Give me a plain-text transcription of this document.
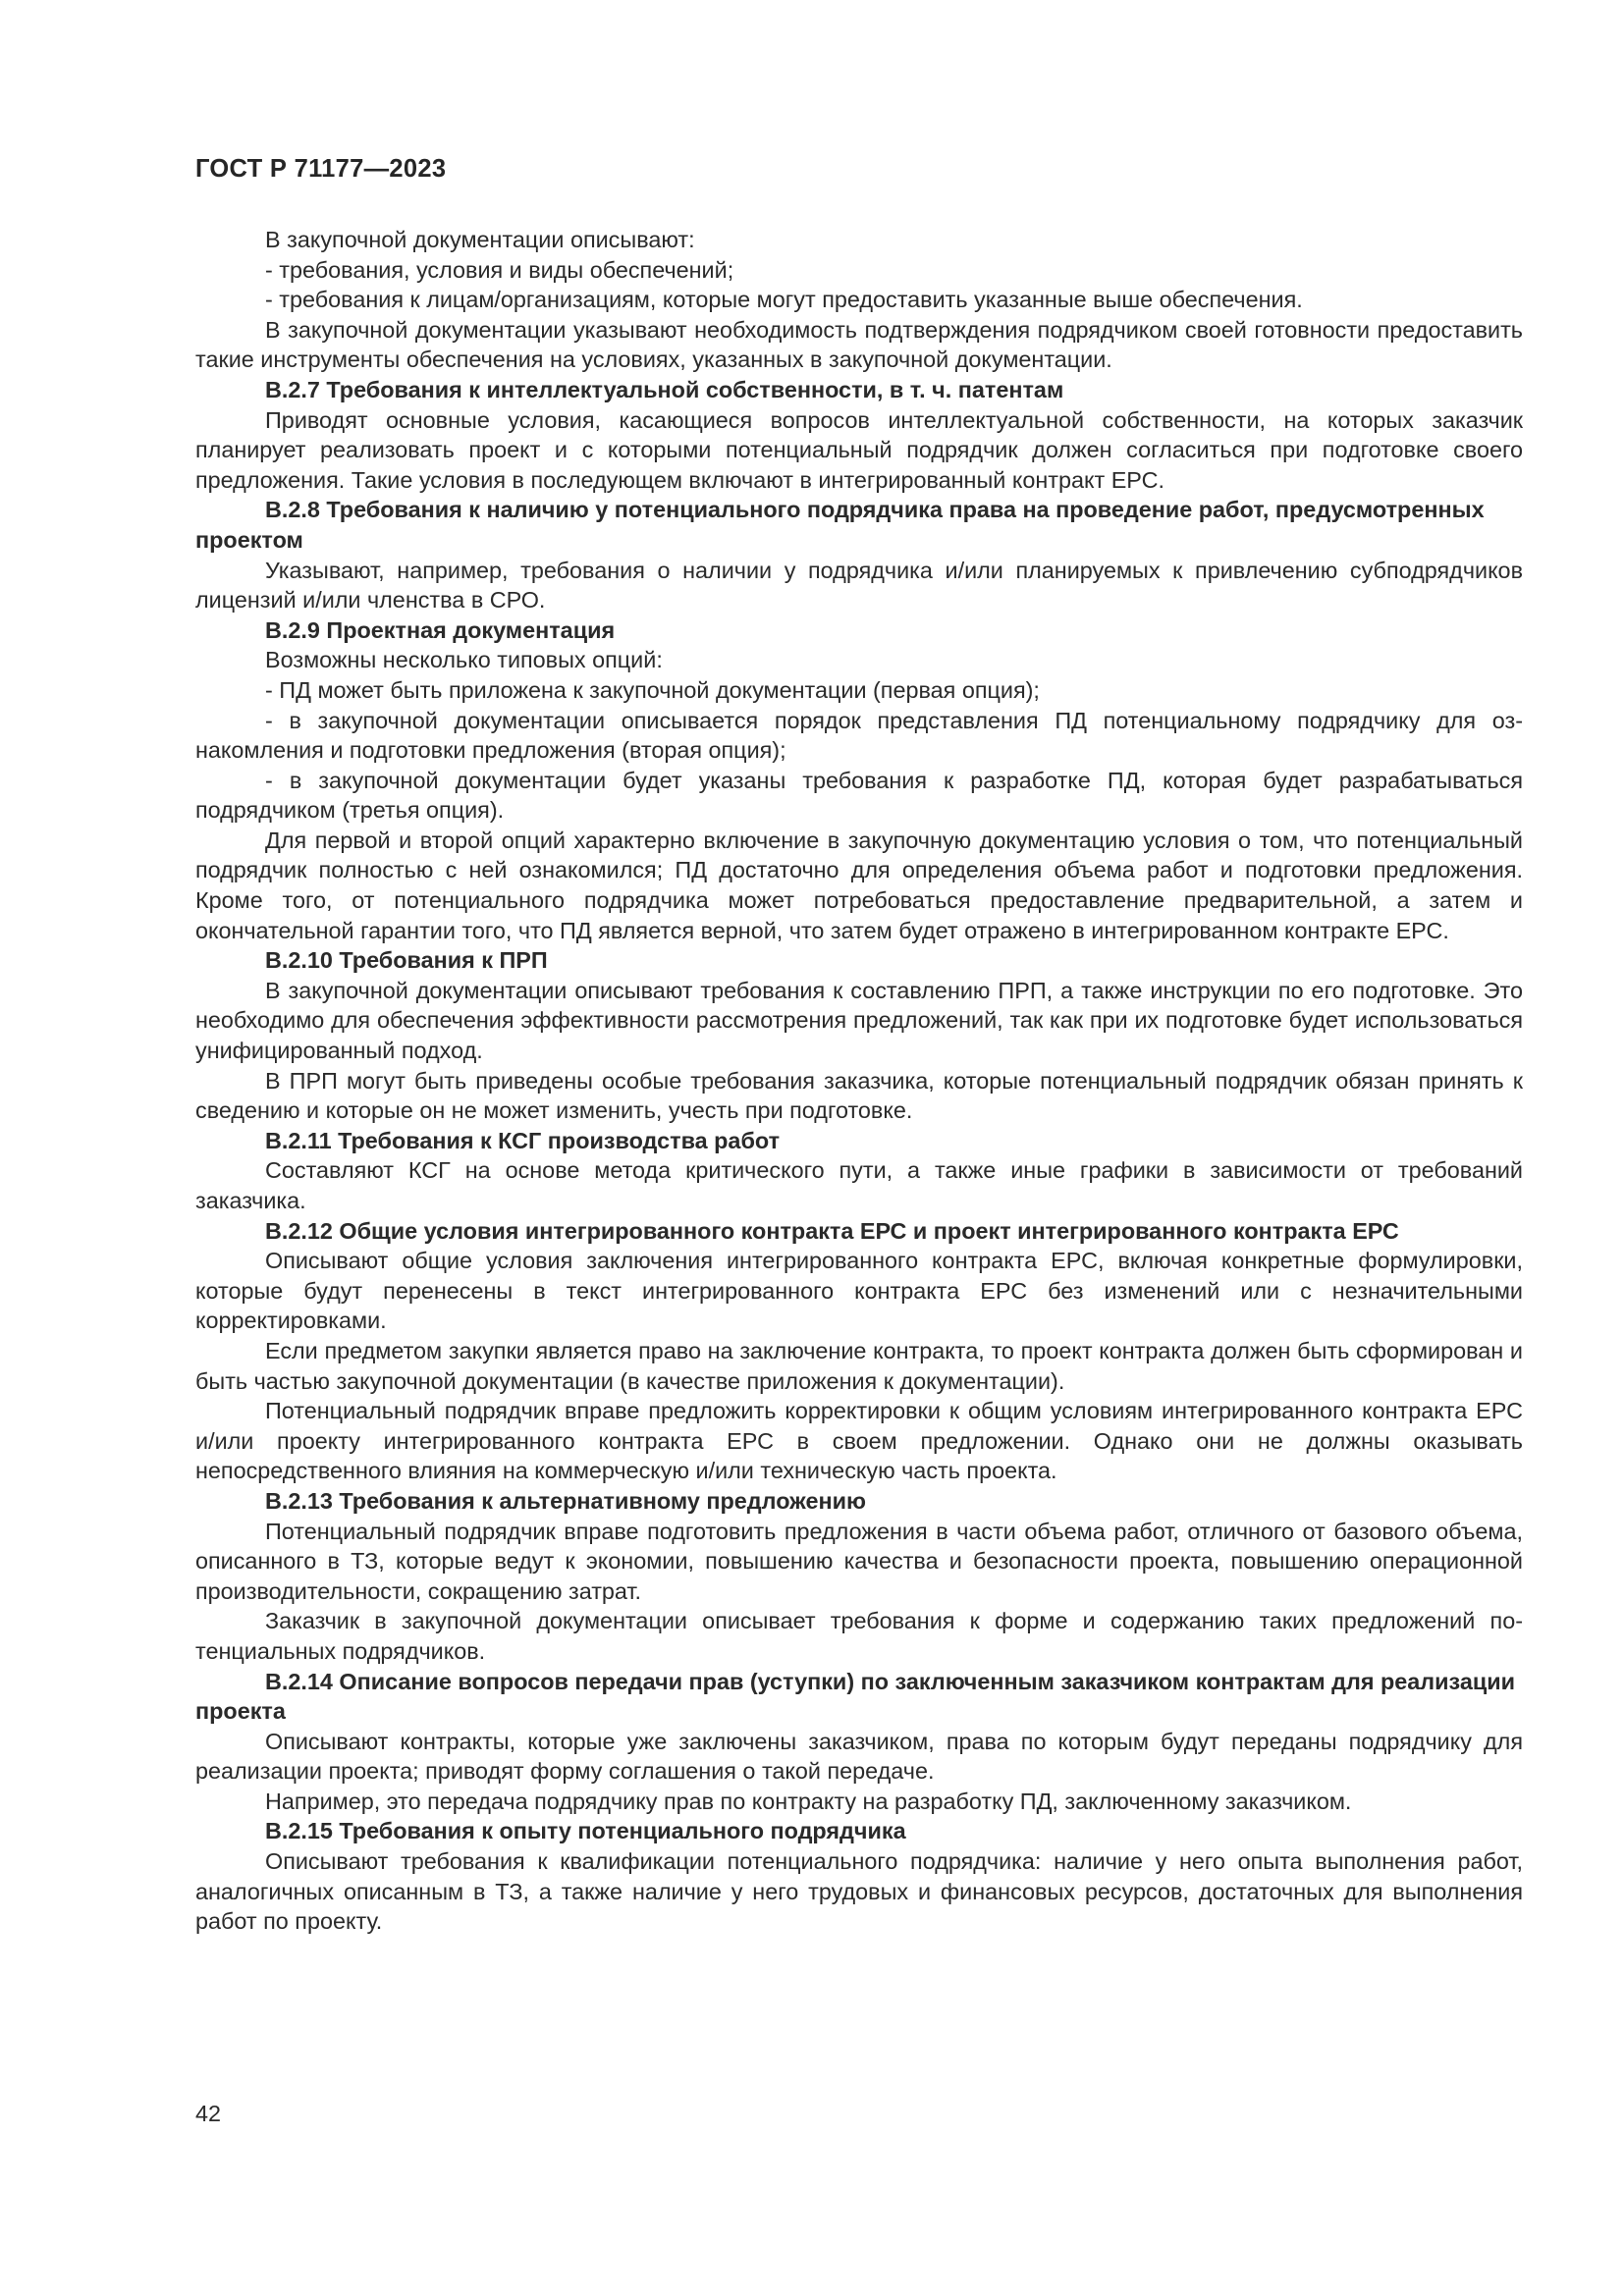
ГОСТ Р 71177—2023

В закупочной документации описывают:

- требования, условия и виды обеспечений;

- требования к лицам/организациям, которые могут предоставить указанные выше обеспечения.

В закупочной документации указывают необходимость подтверждения подрядчиком своей готовности предоставить такие инструменты обеспечения на условиях, указанных в закупочной документации.

В.2.7 Требования к интеллектуальной собственности, в т. ч. патентам

Приводят основные условия, касающиеся вопросов интеллектуальной собственности, на которых заказчик планирует реализовать проект и с которыми потенциальный подрядчик должен согласиться при подготовке своего предложения. Такие условия в последующем включают в интегрированный контракт ЕРС.

В.2.8 Требования к наличию у потенциального подрядчика права на проведение работ, предусмотренных проектом

Указывают, например, требования о наличии у подрядчика и/или планируемых к привлечению субподрядчиков лицензий и/или членства в СРО.

В.2.9 Проектная документация

Возможны несколько типовых опций:

- ПД может быть приложена к закупочной документации (первая опция);

- в закупочной документации описывается порядок представления ПД потенциальному подрядчику для ознакомления и подготовки предложения (вторая опция);

- в закупочной документации будет указаны требования к разработке ПД, которая будет разрабатываться подрядчиком (третья опция).

Для первой и второй опций характерно включение в закупочную документацию условия о том, что потенциальный подрядчик полностью с ней ознакомился; ПД достаточно для определения объема работ и подготовки предложения. Кроме того, от потенциального подрядчика может потребоваться предоставление предварительной, а затем и окончательной гарантии того, что ПД является верной, что затем будет отражено в интегрированном контракте ЕРС.

В.2.10 Требования к ПРП

В закупочной документации описывают требования к составлению ПРП, а также инструкции по его подготовке. Это необходимо для обеспечения эффективности рассмотрения предложений, так как при их подготовке будет использоваться унифицированный подход.

В ПРП могут быть приведены особые требования заказчика, которые потенциальный подрядчик обязан принять к сведению и которые он не может изменить, учесть при подготовке.

В.2.11 Требования к КСГ производства работ

Составляют КСГ на основе метода критического пути, а также иные графики в зависимости от требований заказчика.

В.2.12 Общие условия интегрированного контракта ЕРС и проект интегрированного контракта ЕРС

Описывают общие условия заключения интегрированного контракта ЕРС, включая конкретные формулировки, которые будут перенесены в текст интегрированного контракта ЕРС без изменений или с незначительными корректировками.

Если предметом закупки является право на заключение контракта, то проект контракта должен быть сформирован и быть частью закупочной документации (в качестве приложения к документации).

Потенциальный подрядчик вправе предложить корректировки к общим условиям интегрированного контракта ЕРС и/или проекту интегрированного контракта ЕРС в своем предложении. Однако они не должны оказывать непосредственного влияния на коммерческую и/или техническую часть проекта.

В.2.13 Требования к альтернативному предложению

Потенциальный подрядчик вправе подготовить предложения в части объема работ, отличного от базового объема, описанного в ТЗ, которые ведут к экономии, повышению качества и безопасности проекта, повышению операционной производительности, сокращению затрат.

Заказчик в закупочной документации описывает требования к форме и содержанию таких предложений потенциальных подрядчиков.

В.2.14 Описание вопросов передачи прав (уступки) по заключенным заказчиком контрактам для реализации проекта

Описывают контракты, которые уже заключены заказчиком, права по которым будут переданы подрядчику для реализации проекта; приводят форму соглашения о такой передаче.

Например, это передача подрядчику прав по контракту на разработку ПД, заключенному заказчиком.

В.2.15 Требования к опыту потенциального подрядчика

Описывают требования к квалификации потенциального подрядчика: наличие у него опыта выполнения работ, аналогичных описанным в ТЗ, а также наличие у него трудовых и финансовых ресурсов, достаточных для выполнения работ по проекту.

42
